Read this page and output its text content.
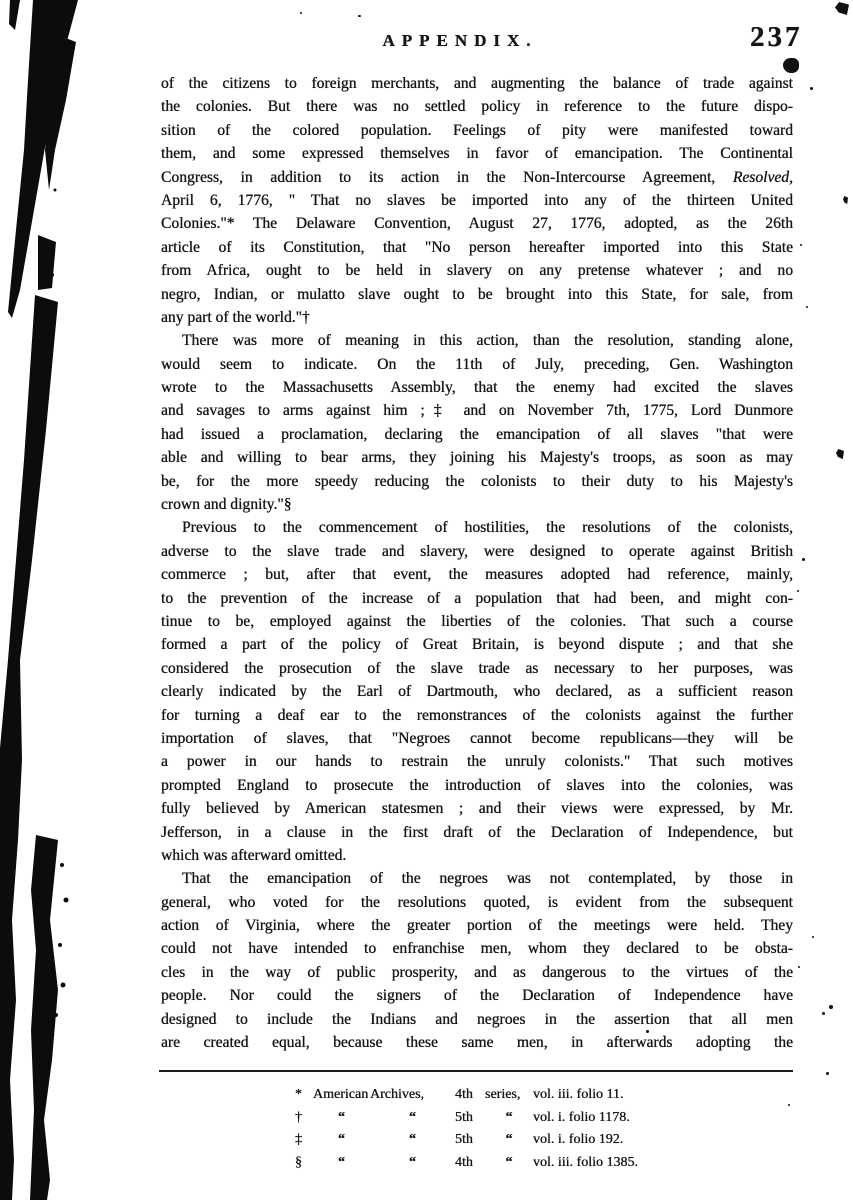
APPENDIX.	237
of the citizens to foreign merchants, and augmenting the balance of trade against
the colonies. But there was no settled policy in reference to the future dispo-
sition of the colored population. Feelings of pity were manifested toward
them, and some expressed themselves in favor of emancipation. The Continental
Congress, in addition to its action in the Non-Intercourse Agreement, Resolved,
April 6, 1776, " That no slaves be imported into any of the thirteen United
Colonies."* The Delaware Convention, August 27, 1776, adopted, as the 26th
article of its Constitution, that "No person hereafter imported into this State
from Africa, ought to be held in slavery on any pretense whatever ; and no
negro, Indian, or mulatto slave ought to be brought into this State, for sale, from
any part of the world."†
There was more of meaning in this action, than the resolution, standing alone,
would seem to indicate. On the 11th of July, preceding, Gen. Washington
wrote to the Massachusetts Assembly, that the enemy had excited the slaves
and savages to arms against him ;‡ and on November 7th, 1775, Lord Dunmore
had issued a proclamation, declaring the emancipation of all slaves "that were
able and willing to bear arms, they joining his Majesty's troops, as soon as may
be, for the more speedy reducing the colonists to their duty to his Majesty's
crown and dignity."§
Previous to the commencement of hostilities, the resolutions of the colonists,
adverse to the slave trade and slavery, were designed to operate against British
commerce ; but, after that event, the measures adopted had reference, mainly,
to the prevention of the increase of a population that had been, and might con-
tinue to be, employed against the liberties of the colonies. That such a course
formed a part of the policy of Great Britain, is beyond dispute ; and that she
considered the prosecution of the slave trade as necessary to her purposes, was
clearly indicated by the Earl of Dartmouth, who declared, as a sufficient reason
for turning a deaf ear to the remonstrances of the colonists against the further
importation of slaves, that "Negroes cannot become republicans—they will be
a power in our hands to restrain the unruly colonists." That such motives
prompted England to prosecute the introduction of slaves into the colonies, was
fully believed by American statesmen ; and their views were expressed, by Mr.
Jefferson, in a clause in the first draft of the Declaration of Independence, but
which was afterward omitted.
That the emancipation of the negroes was not contemplated, by those in
general, who voted for the resolutions quoted, is evident from the subsequent
action of Virginia, where the greater portion of the meetings were held. They
could not have intended to enfranchise men, whom they declared to be obsta-
cles in the way of public prosperity, and as dangerous to the virtues of the
people. Nor could the signers of the Declaration of Independence have
designed to include the Indians and negroes in the assertion that all men
are created equal, because these same men, in afterwards adopting the
* American Archives,	4th series, vol. iii. folio 11.
†	“	“	5th	“	vol. i. folio 1178.
‡	“	“	5th	“	vol. i. folio 192.
§	“	“	4th	“	vol. iii. folio 1385.
